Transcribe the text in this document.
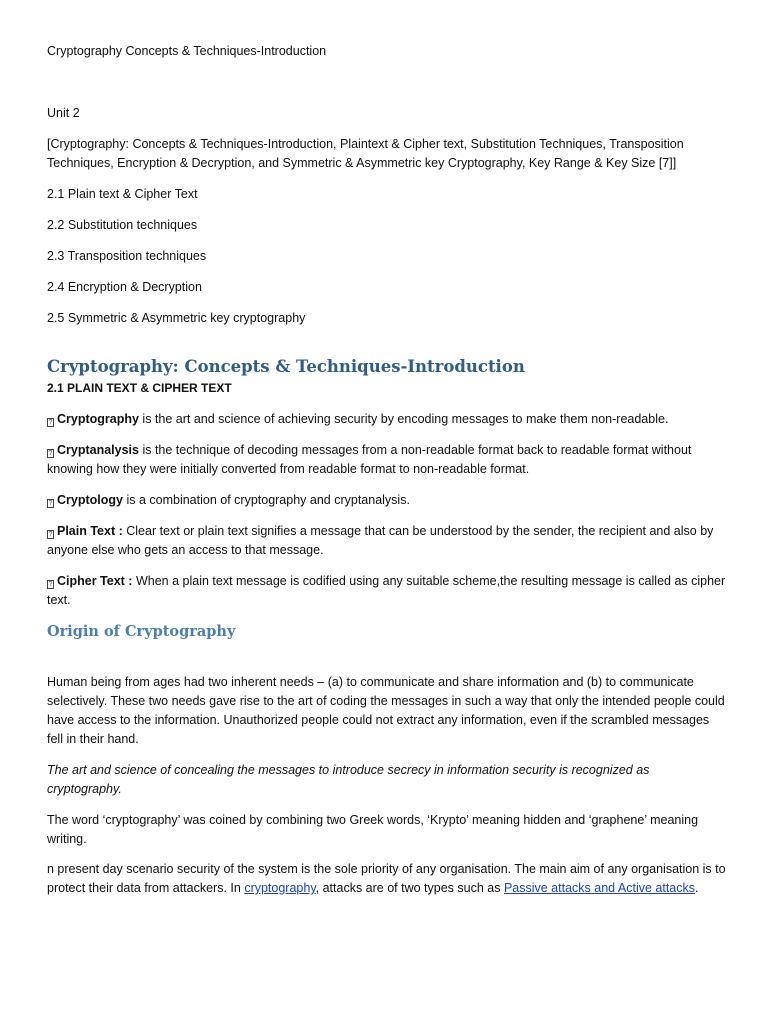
Cryptography Concepts & Techniques-Introduction

Unit 2

[Cryptography: Concepts & Techniques-Introduction, Plaintext & Cipher text, Substitution Techniques, Transposition Techniques, Encryption & Decryption, and Symmetric & Asymmetric key Cryptography, Key Range & Key Size [7]]

2.1 Plain text & Cipher Text

2.2 Substitution techniques

2.3 Transposition techniques

2.4 Encryption & Decryption

2.5 Symmetric & Asymmetric key cryptography

Cryptography: Concepts & Techniques-Introduction

2.1 PLAIN TEXT & CIPHER TEXT

? Cryptography is the art and science of achieving security by encoding messages to make them non-readable.

? Cryptanalysis is the technique of decoding messages from a non-readable format back to readable format without knowing how they were initially converted from readable format to non-readable format.

? Cryptology is a combination of cryptography and cryptanalysis.

? Plain Text : Clear text or plain text signifies a message that can be understood by the sender, the recipient and also by anyone else who gets an access to that message.

? Cipher Text : When a plain text message is codified using any suitable scheme,the resulting message is called as cipher text.

Origin of Cryptography

Human being from ages had two inherent needs – (a) to communicate and share information and (b) to communicate selectively. These two needs gave rise to the art of coding the messages in such a way that only the intended people could have access to the information. Unauthorized people could not extract any information, even if the scrambled messages fell in their hand.

The art and science of concealing the messages to introduce secrecy in information security is recognized as cryptography.

The word ‘cryptography’ was coined by combining two Greek words, ‘Krypto’ meaning hidden and ‘graphene’ meaning writing.

n present day scenario security of the system is the sole priority of any organisation. The main aim of any organisation is to protect their data from attackers. In cryptography, attacks are of two types such as Passive attacks and Active attacks.
